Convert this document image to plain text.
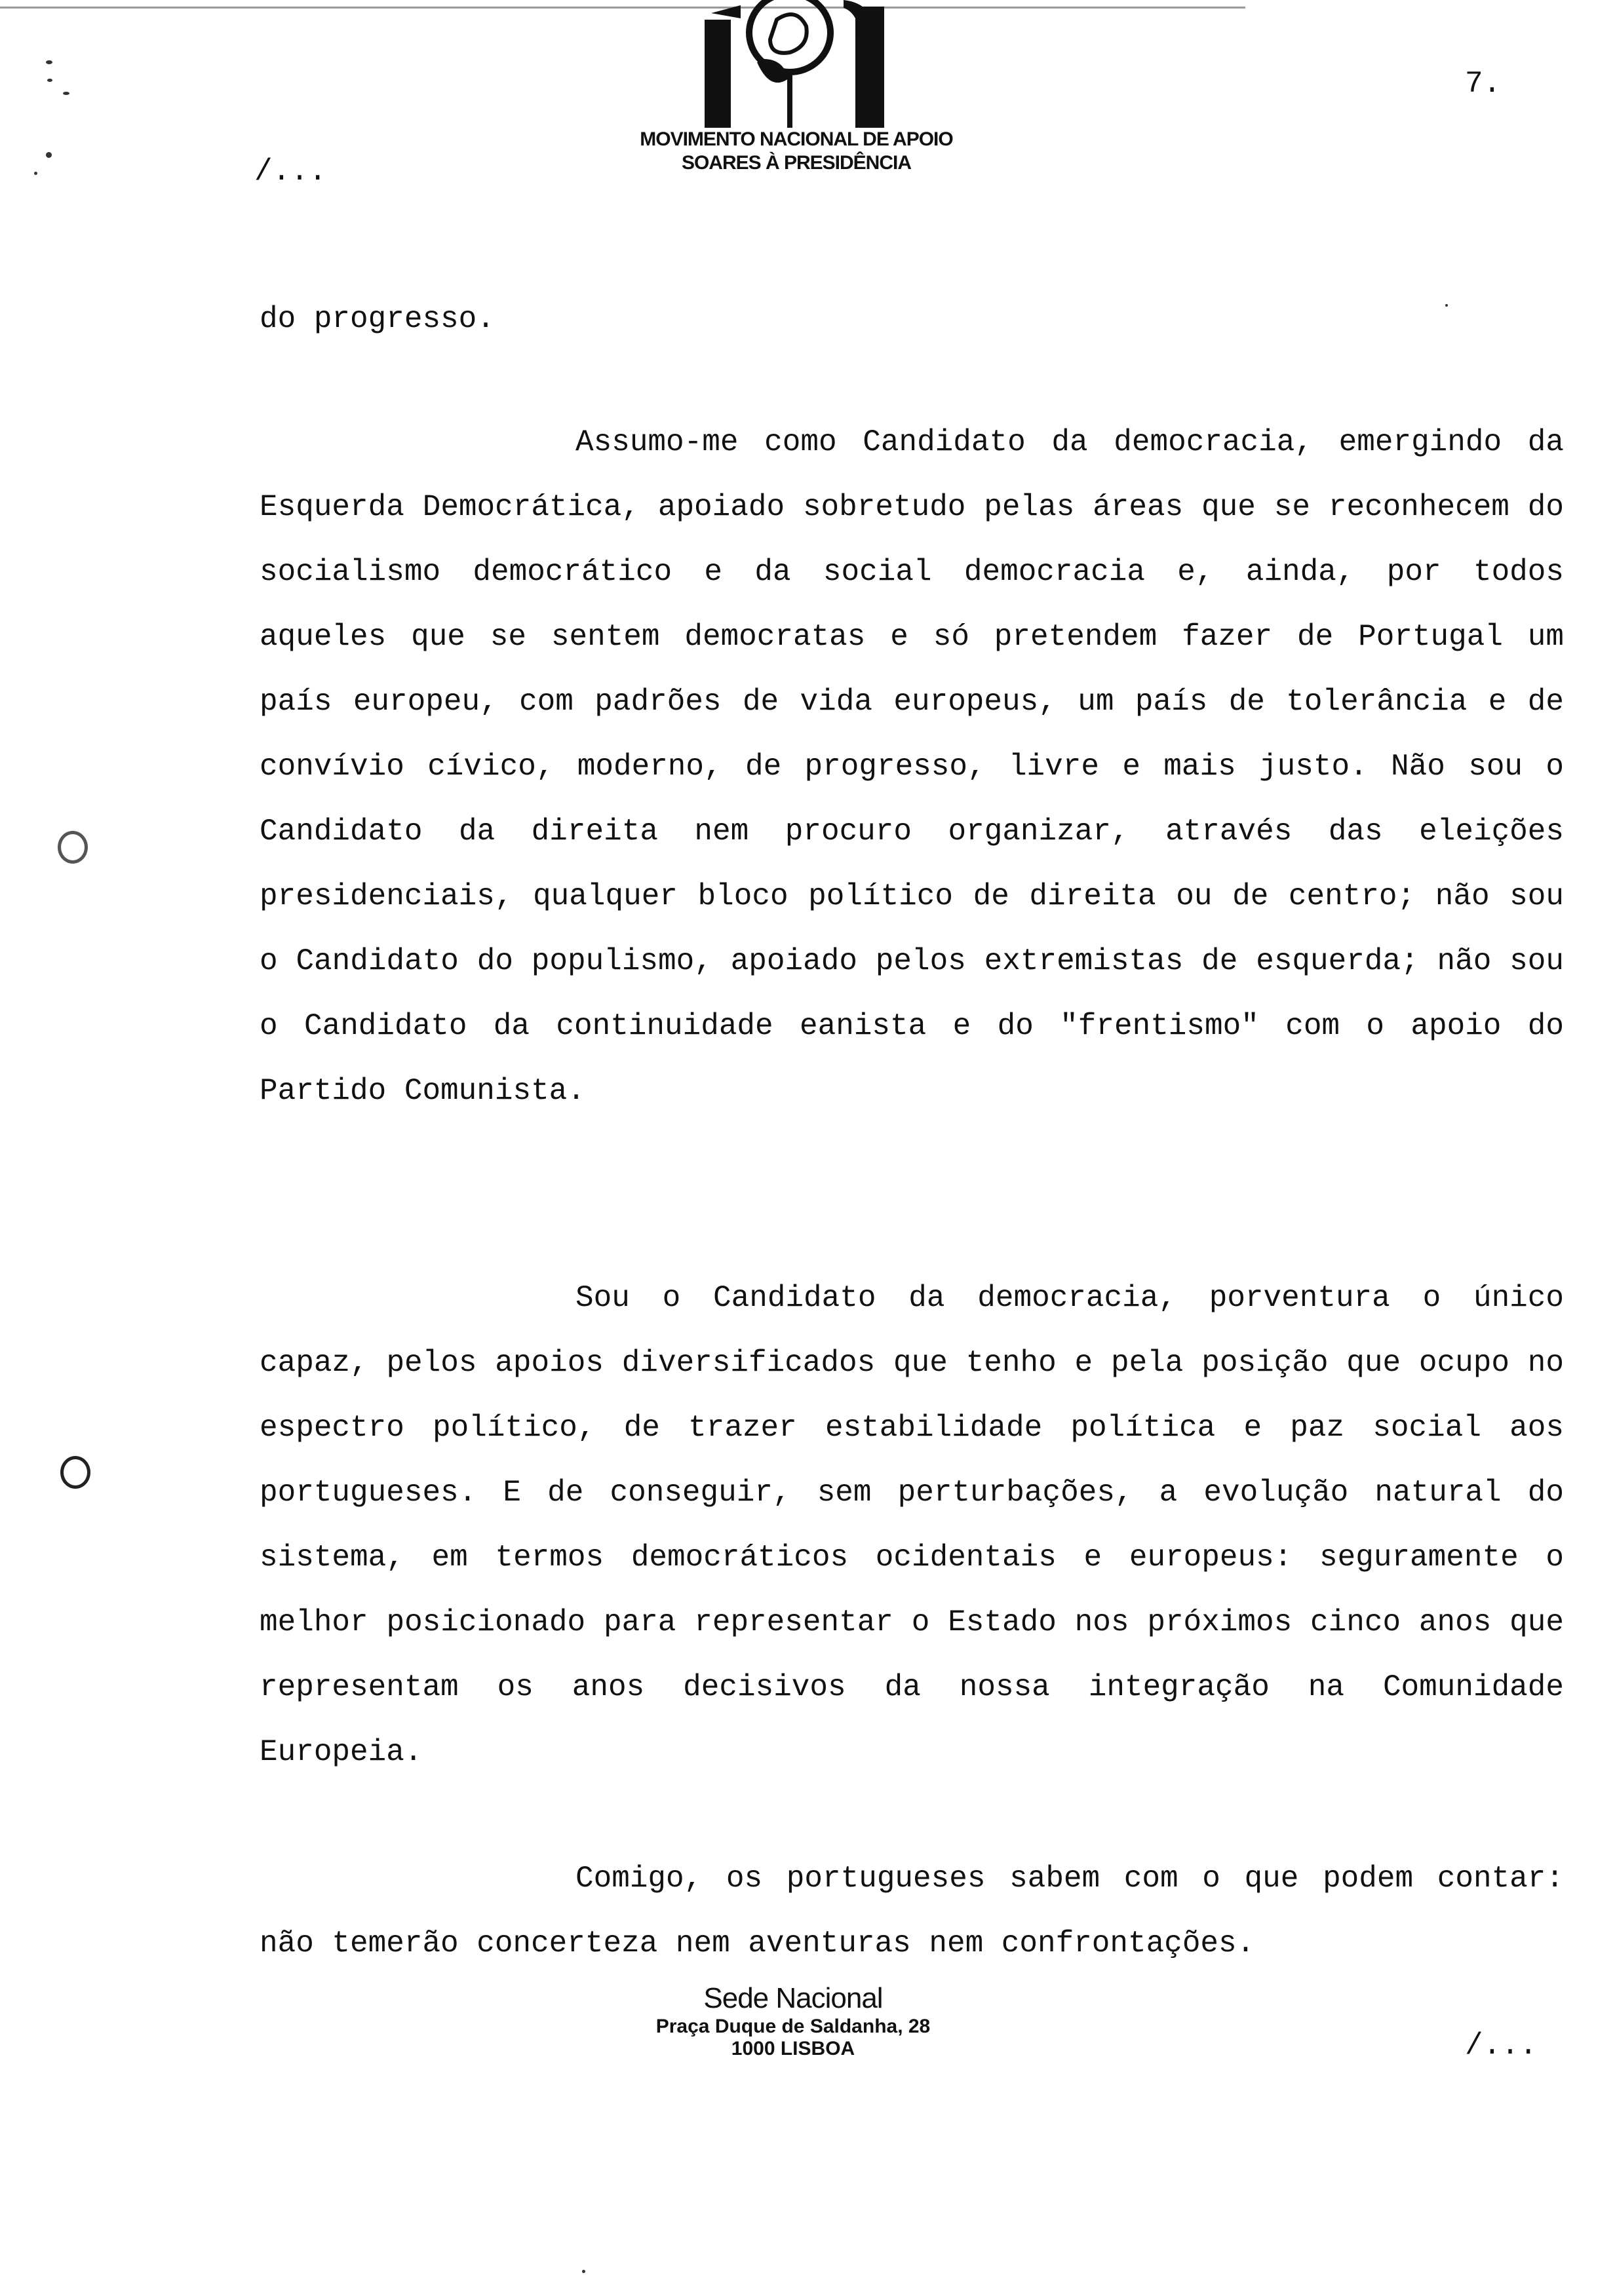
MOVIMENTO NACIONAL DE APOIO
SOARES À PRESIDÊNCIA
7.
/...

do progresso.

Assumo-me como Candidato da democracia, emergindo da Esquerda Democrática, apoiado sobretudo pelas áreas que se reconhecem do socialismo democrático e da social democracia e, ainda, por todos aqueles que se sentem democratas e só pretendem fazer de Portugal um país europeu, com padrões de vida europeus, um país de tolerância e de convívio cívico, moderno, de progresso, livre e mais justo. Não sou o Candidato da direita nem procuro organizar, através das eleições presidenciais, qualquer bloco político de direita ou de centro; não sou o Candidato do populismo, apoiado pelos extremistas de esquerda; não sou o Candidato da continuidade eanista e do "frentismo" com o apoio do Partido Comunista.

Sou o Candidato da democracia, porventura o único capaz, pelos apoios diversificados que tenho e pela posição que ocupo no espectro político, de trazer estabilidade política e paz social aos portugueses. E de conseguir, sem perturbações, a evolução natural do sistema, em termos democráticos ocidentais e europeus: seguramente o melhor posicionado para representar o Estado nos próximos cinco anos que representam os anos decisivos da nossa integração na Comunidade Europeia.

Comigo, os portugueses sabem com o que podem contar: não temerão concerteza nem aventuras nem confrontações.

Sede Nacional
Praça Duque de Saldanha, 28
1000 LISBOA	/...
